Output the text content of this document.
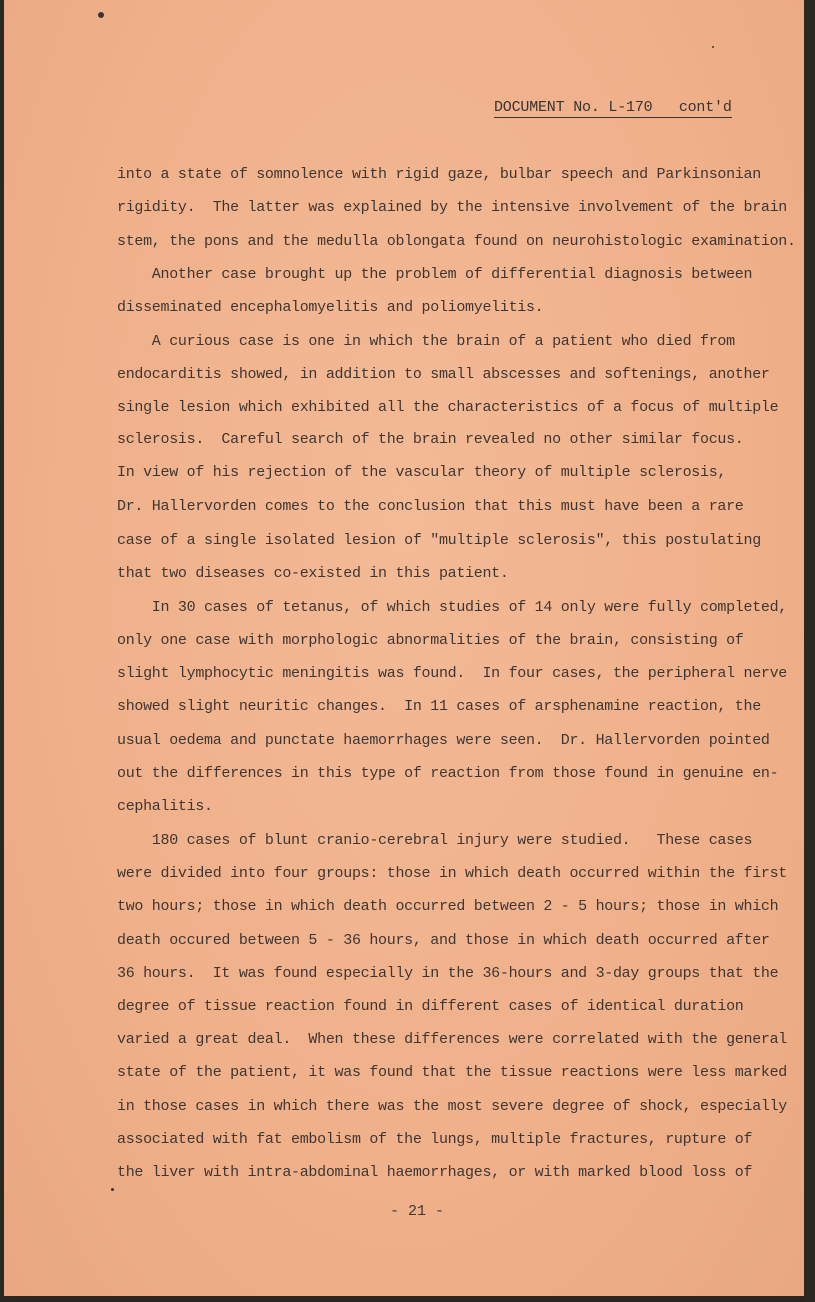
DOCUMENT No. L-170   cont'd
into a state of somnolence with rigid gaze, bulbar speech and Parkinsonian
rigidity.  The latter was explained by the intensive involvement of the brain
stem, the pons and the medulla oblongata found on neurohistologic examination.
Another case brought up the problem of differential diagnosis between
disseminated encephalomyelitis and poliomyelitis.
A curious case is one in which the brain of a patient who died from
endocarditis showed, in addition to small abscesses and softenings, another
single lesion which exhibited all the characteristics of a focus of multiple
sclerosis.  Careful search of the brain revealed no other similar focus.
In view of his rejection of the vascular theory of multiple sclerosis,
Dr. Hallervorden comes to the conclusion that this must have been a rare
case of a single isolated lesion of "multiple sclerosis", this postulating
that two diseases co-existed in this patient.
In 30 cases of tetanus, of which studies of 14 only were fully completed,
only one case with morphologic abnormalities of the brain, consisting of
slight lymphocytic meningitis was found.  In four cases, the peripheral nerve
showed slight neuritic changes.  In 11 cases of arsphenamine reaction, the
usual oedema and punctate haemorrhages were seen.  Dr. Hallervorden pointed
out the differences in this type of reaction from those found in genuine en-
cephalitis.
180 cases of blunt cranio-cerebral injury were studied.   These cases
were divided into four groups: those in which death occurred within the first
two hours; those in which death occurred between 2 - 5 hours; those in which
death occured between 5 - 36 hours, and those in which death occurred after
36 hours.  It was found especially in the 36-hours and 3-day groups that the
degree of tissue reaction found in different cases of identical duration
varied a great deal.  When these differences were correlated with the general
state of the patient, it was found that the tissue reactions were less marked
in those cases in which there was the most severe degree of shock, especially
associated with fat embolism of the lungs, multiple fractures, rupture of
the liver with intra-abdominal haemorrhages, or with marked blood loss of
- 21 -
